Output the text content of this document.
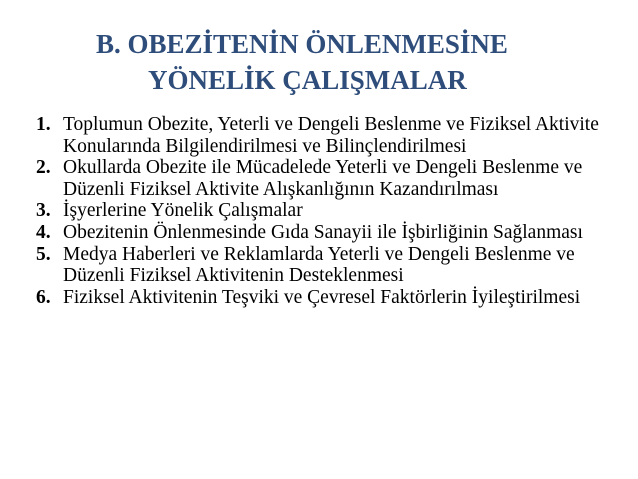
B. OBEZİTENİN ÖNLENMESİNE
YÖNELİK ÇALIŞMALAR
1. Toplumun Obezite, Yeterli ve Dengeli Beslenme ve Fiziksel Aktivite Konularında Bilgilendirilmesi ve Bilinçlendirilmesi
2. Okullarda Obezite ile Mücadelede Yeterli ve Dengeli Beslenme ve Düzenli Fiziksel Aktivite Alışkanlığının Kazandırılması
3. İşyerlerine Yönelik Çalışmalar
4. Obezitenin Önlenmesinde Gıda Sanayii ile İşbirliğinin Sağlanması
5. Medya Haberleri ve Reklamlarda Yeterli ve Dengeli Beslenme ve Düzenli Fiziksel Aktivitenin Desteklenmesi
6. Fiziksel Aktivitenin Teşviki ve Çevresel Faktörlerin İyileştirilmesi
